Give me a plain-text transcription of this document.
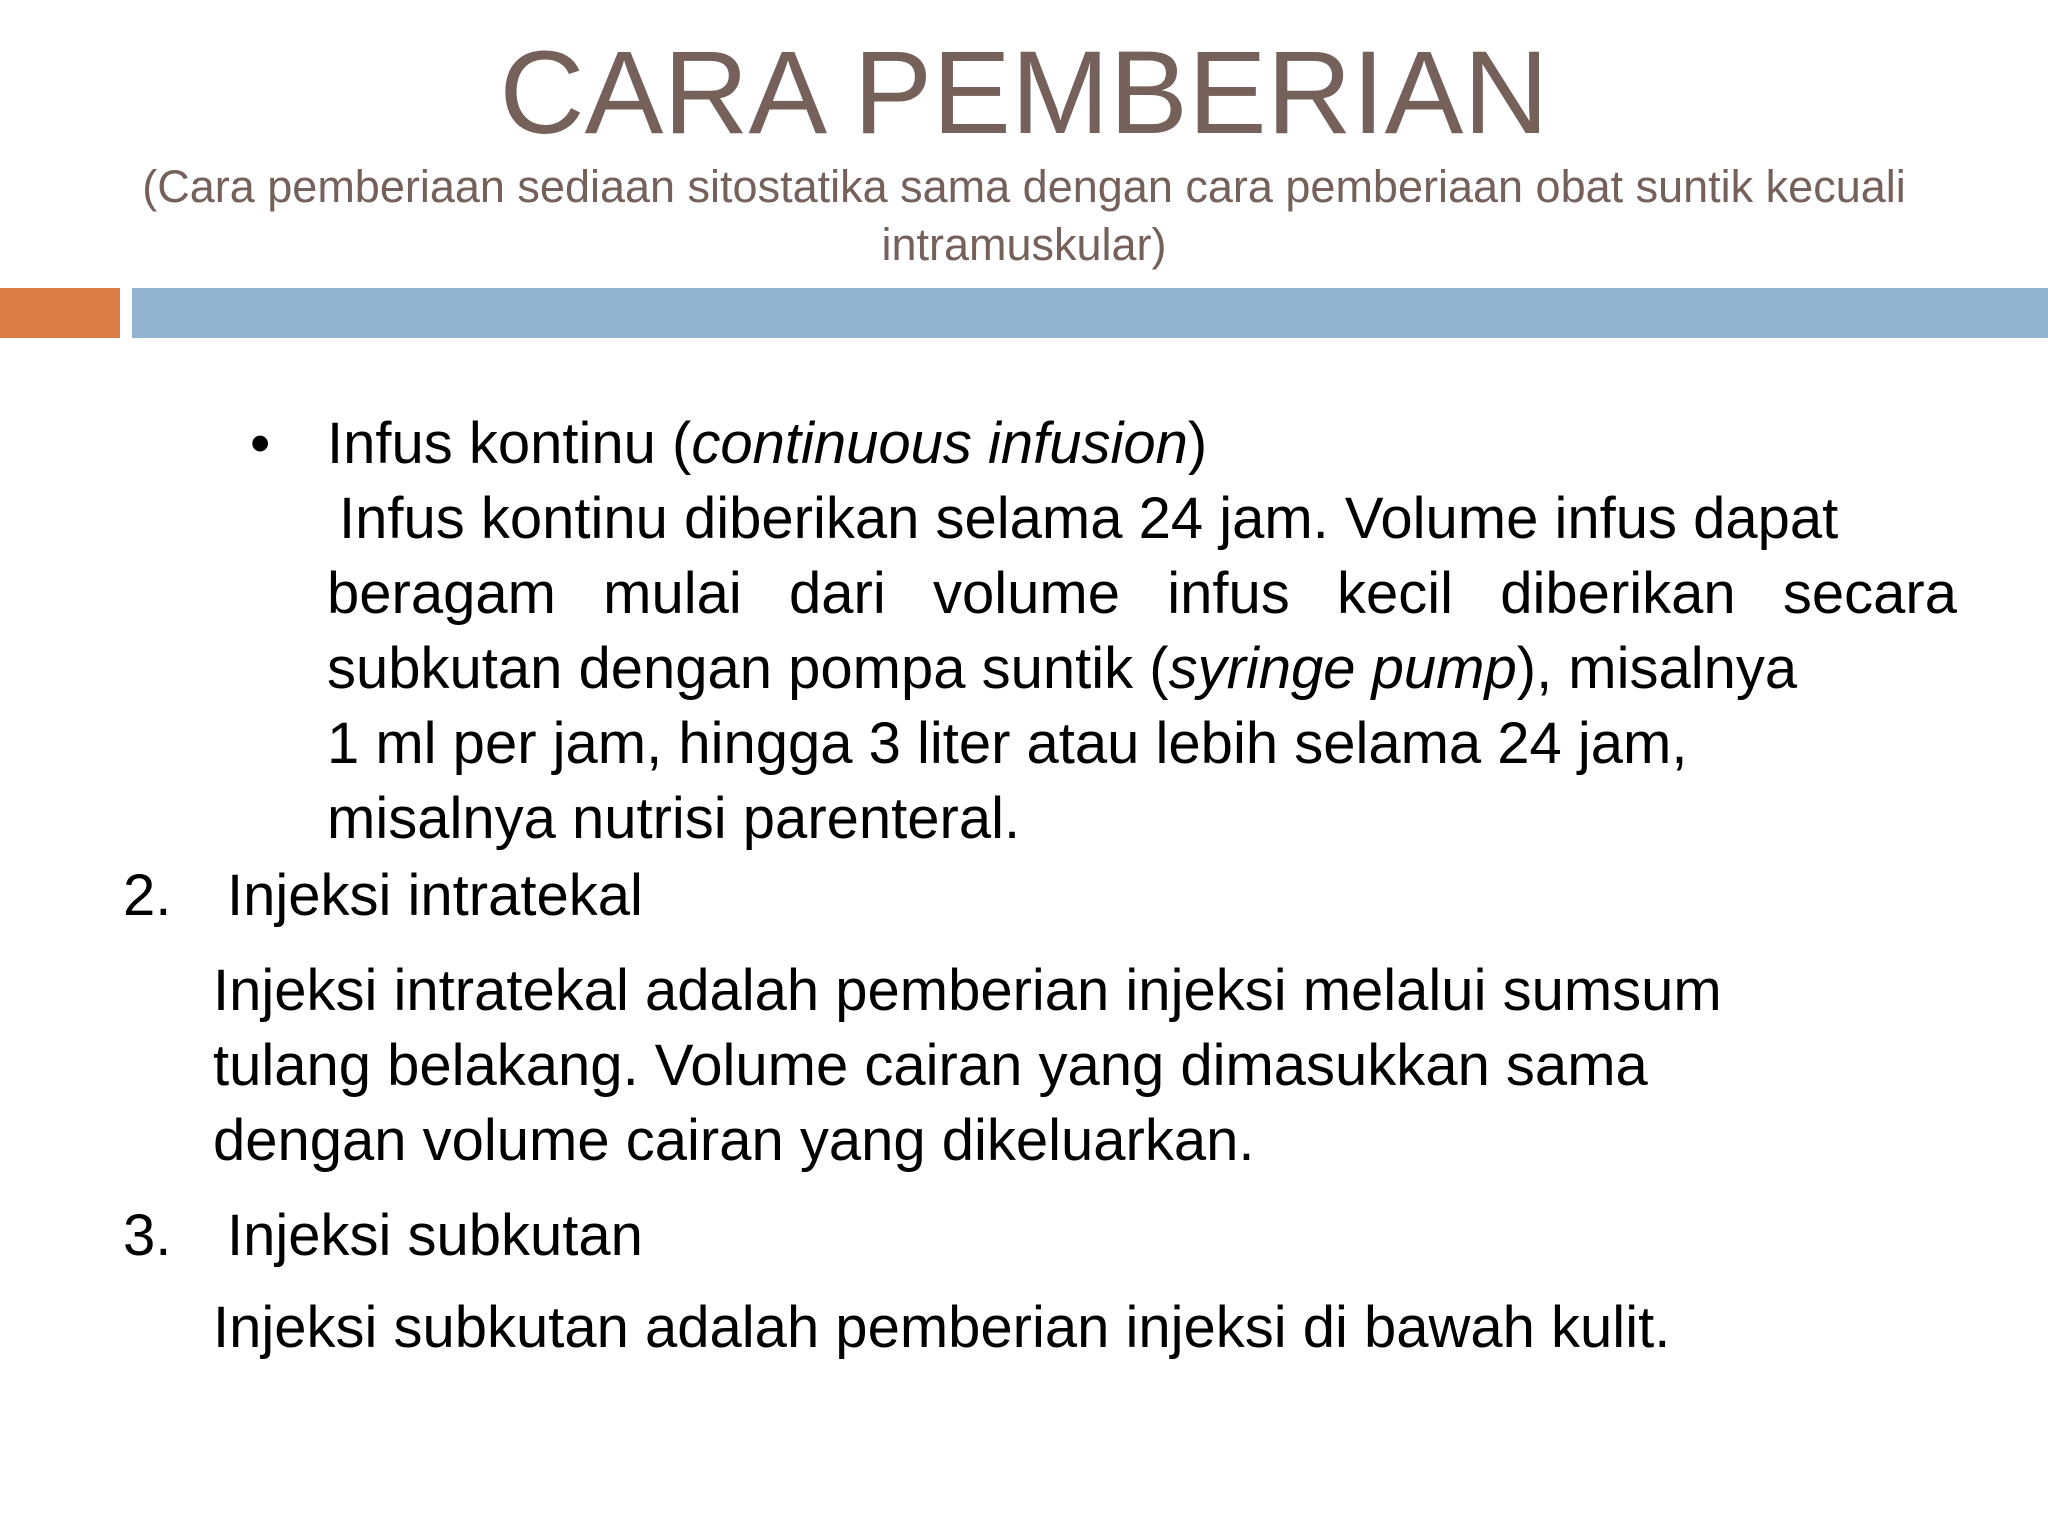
CARA PEMBERIAN

(Cara pemberiaan sediaan sitostatika sama dengan cara pemberiaan obat suntik kecuali intramuskular)

• Infus kontinu (continuous infusion)
Infus kontinu diberikan selama 24 jam. Volume infus dapat
beragam mulai dari volume infus kecil diberikan secara
subkutan dengan pompa suntik (syringe pump), misalnya
1 ml per jam, hingga 3 liter atau lebih selama 24 jam,
misalnya nutrisi parenteral.
2. Injeksi intratekal
Injeksi intratekal adalah pemberian injeksi melalui sumsum
tulang belakang. Volume cairan yang dimasukkan sama
dengan volume cairan yang dikeluarkan.
3. Injeksi subkutan
Injeksi subkutan adalah pemberian injeksi di bawah kulit.
